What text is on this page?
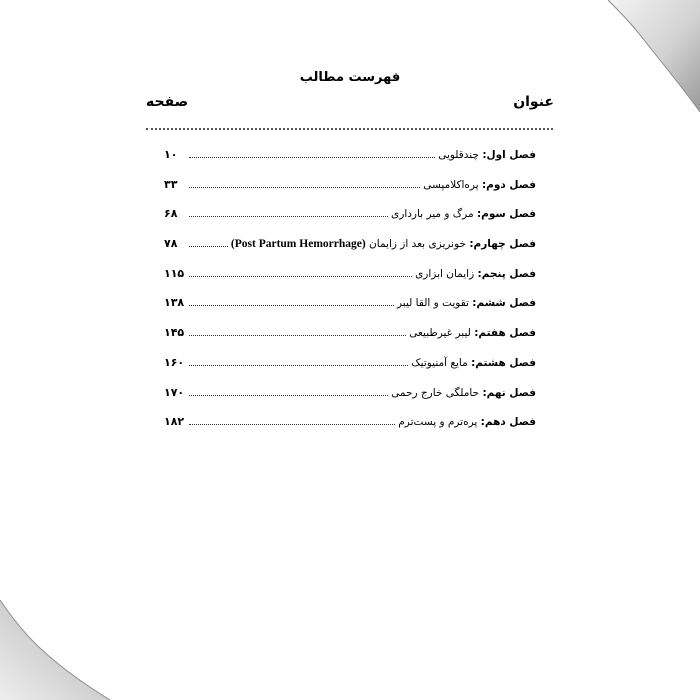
فهرست مطالب
عنوان
صفحه
فصل اول: چندقلویی
۱۰
فصل دوم: پره‌اکلامپسی
۳۳
فصل سوم: مرگ و میر بارداری
۶۸
فصل چهارم: خونریزی بعد از زایمان (Post Partum Hemorrhage)
۷۸
فصل پنجم: زایمان ابزاری
۱۱۵
فصل ششم: تقویت و القا لیبر
۱۳۸
فصل هفتم: لیبر غیرطبیعی
۱۴۵
فصل هشتم: مایع آمنیوتیک
۱۶۰
فصل نهم: حاملگی خارج رحمی
۱۷۰
فصل دهم: پره‌ترم و پست‌ترم
۱۸۲
